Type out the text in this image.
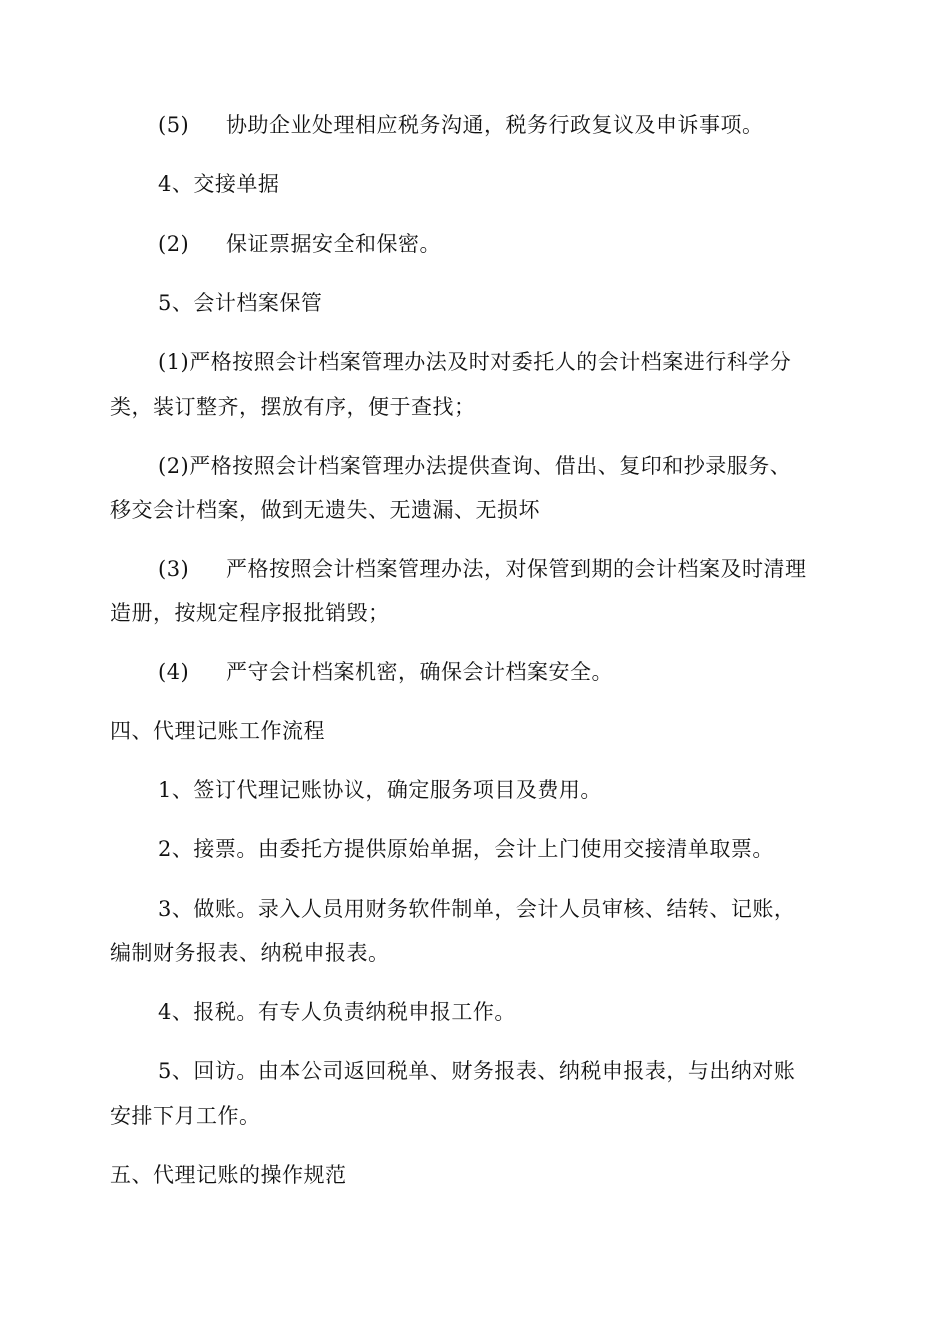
(5) 协助企业处理相应税务沟通，税务行政复议及申诉事项。
4、交接单据
(2) 保证票据安全和保密。
5、会计档案保管
(1)严格按照会计档案管理办法及时对委托人的会计档案进行科学分
类，装订整齐，摆放有序，便于查找；
(2)严格按照会计档案管理办法提供查询、借出、复印和抄录服务、
移交会计档案，做到无遗失、无遗漏、无损坏
(3) 严格按照会计档案管理办法，对保管到期的会计档案及时清理
造册，按规定程序报批销毁；
(4) 严守会计档案机密，确保会计档案安全。
四、代理记账工作流程
1、签订代理记账协议，确定服务项目及费用。
2、接票。由委托方提供原始单据，会计上门使用交接清单取票。
3、做账。录入人员用财务软件制单，会计人员审核、结转、记账，
编制财务报表、纳税申报表。
4、报税。有专人负责纳税申报工作。
5、回访。由本公司返回税单、财务报表、纳税申报表，与出纳对账
安排下月工作。
五、代理记账的操作规范
